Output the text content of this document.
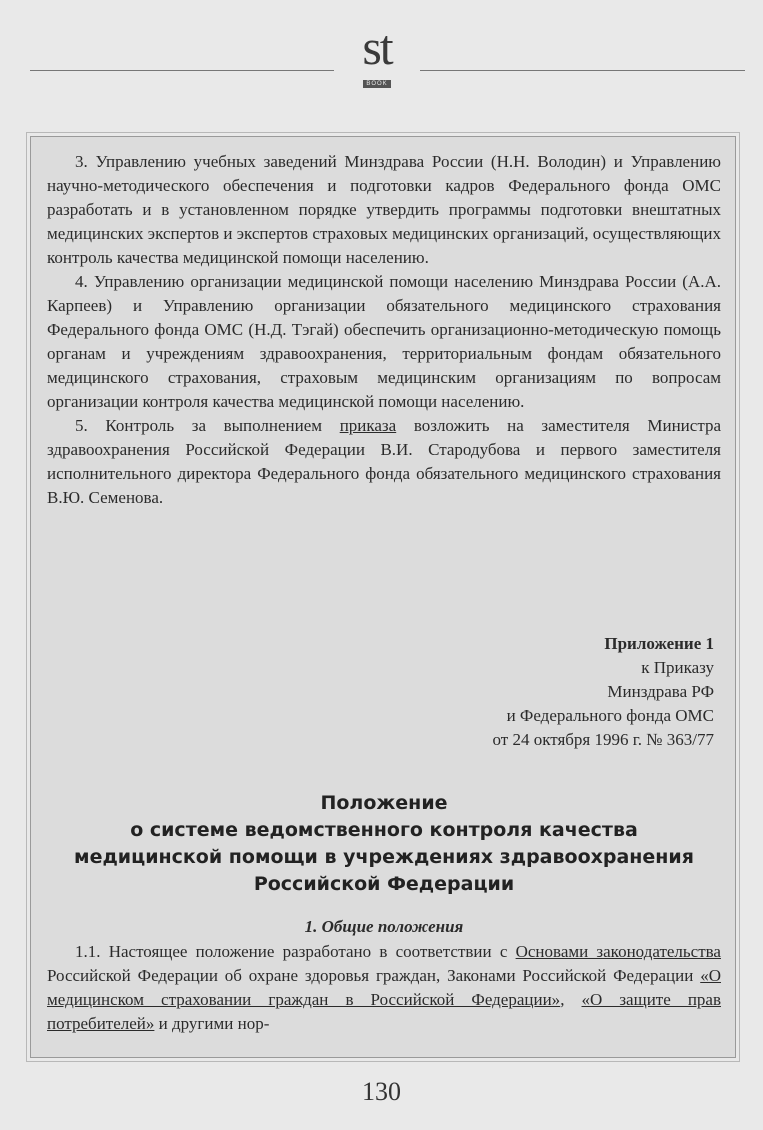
st
BOOK

3. Управлению учебных заведений Минздрава России (Н.Н. Володин) и Управлению научно-методического обеспечения и подготовки кадров Федерального фонда ОМС разработать и в установленном порядке утвердить программы подготовки внештатных медицинских экспертов и экспертов страховых медицинских организаций, осуществляющих контроль качества медицинской помощи населению.

4. Управлению организации медицинской помощи населению Минздрава России (А.А. Карпеев) и Управлению организации обязательного медицинского страхования Федерального фонда ОМС (Н.Д. Тэгай) обеспечить организационно-методическую помощь органам и учреждениям здравоохранения, территориальным фондам обязательного медицинского страхования, страховым медицинским организациям по вопросам организации контроля качества медицинской помощи населению.

5. Контроль за выполнением приказа возложить на заместителя Министра здравоохранения Российской Федерации В.И. Стародубова и первого заместителя исполнительного директора Федерального фонда обязательного медицинского страхования В.Ю. Семенова.

Приложение 1
к Приказу
Минздрава РФ
и Федерального фонда ОМС
от 24 октября 1996 г. № 363/77
Положение
о системе ведомственного контроля качества
медицинской помощи в учреждениях здравоохранения
Российской Федерации
1. Общие положения

1.1. Настоящее положение разработано в соответствии с Основами законодательства Российской Федерации об охране здоровья граждан, Законами Российской Федерации «О медицинском страховании граждан в Российской Федерации», «О защите прав потребителей» и другими нор-

130
